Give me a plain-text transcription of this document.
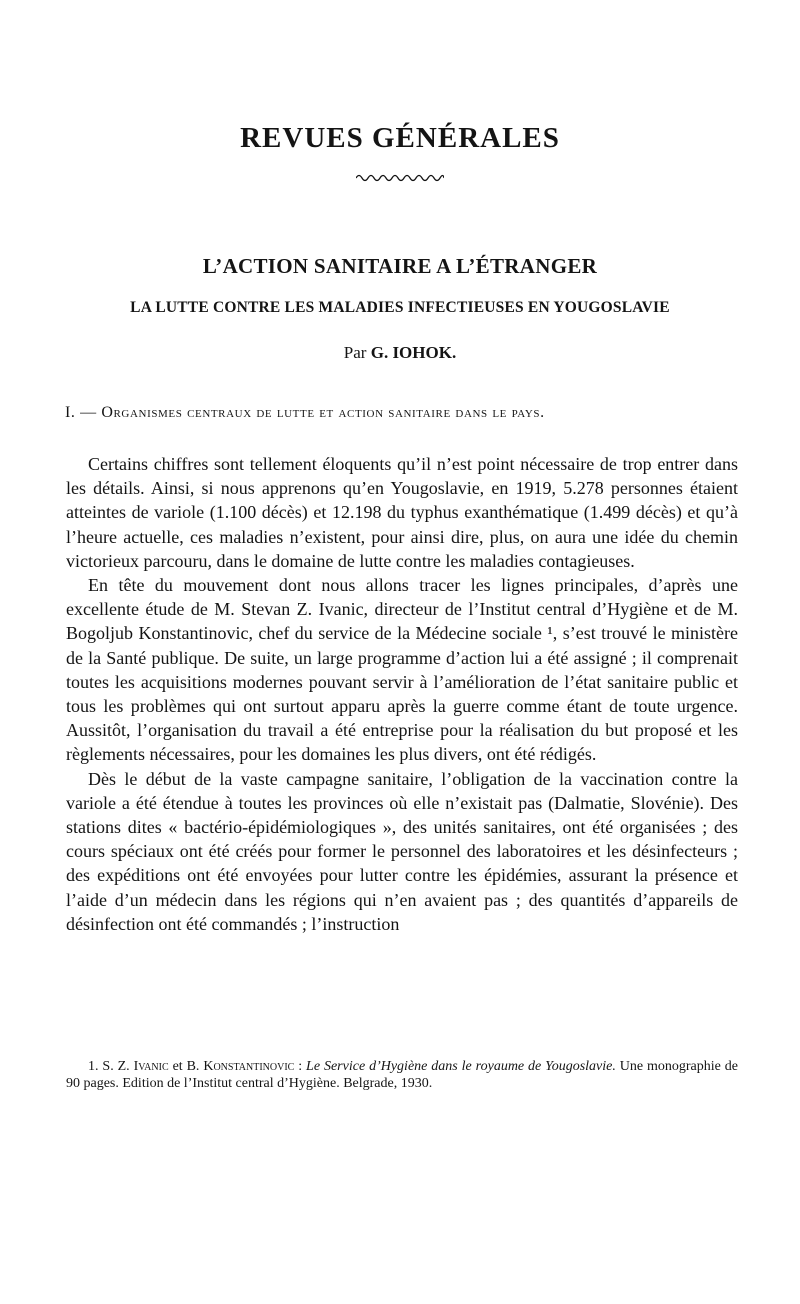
REVUES GÉNÉRALES
L’ACTION SANITAIRE A L’ÉTRANGER
LA LUTTE CONTRE LES MALADIES INFECTIEUSES EN YOUGOSLAVIE
Par G. IOHOK.
I. — Organismes centraux de lutte et action sanitaire dans le pays.

Certains chiffres sont tellement éloquents qu’il n’est point nécessaire de trop entrer dans les détails. Ainsi, si nous apprenons qu’en Yougoslavie, en 1919, 5.278 personnes étaient atteintes de variole (1.100 décès) et 12.198 du typhus exanthématique (1.499 décès) et qu’à l’heure actuelle, ces maladies n’existent, pour ainsi dire, plus, on aura une idée du chemin victorieux parcouru, dans le domaine de lutte contre les maladies contagieuses.

En tête du mouvement dont nous allons tracer les lignes principales, d’après une excellente étude de M. Stevan Z. Ivanic, directeur de l’Institut central d’Hygiène et de M. Bogoljub Konstantinovic, chef du service de la Médecine sociale ¹, s’est trouvé le ministère de la Santé publique. De suite, un large programme d’action lui a été assigné ; il comprenait toutes les acquisitions modernes pouvant servir à l’amélioration de l’état sanitaire public et tous les problèmes qui ont surtout apparu après la guerre comme étant de toute urgence. Aussitôt, l’organisation du travail a été entreprise pour la réalisation du but proposé et les règlements nécessaires, pour les domaines les plus divers, ont été rédigés.

Dès le début de la vaste campagne sanitaire, l’obligation de la vaccination contre la variole a été étendue à toutes les provinces où elle n’existait pas (Dalmatie, Slovénie). Des stations dites « bactério-épidémiologiques », des unités sanitaires, ont été organisées ; des cours spéciaux ont été créés pour former le personnel des laboratoires et les désinfecteurs ; des expéditions ont été envoyées pour lutter contre les épidémies, assurant la présence et l’aide d’un médecin dans les régions qui n’en avaient pas ; des quantités d’appareils de désinfection ont été commandés ; l’instruction

1. S. Z. Ivanic et B. Konstantinovic : Le Service d’Hygiène dans le royaume de Yougoslavie. Une monographie de 90 pages. Edition de l’Institut central d’Hygiène. Belgrade, 1930.
